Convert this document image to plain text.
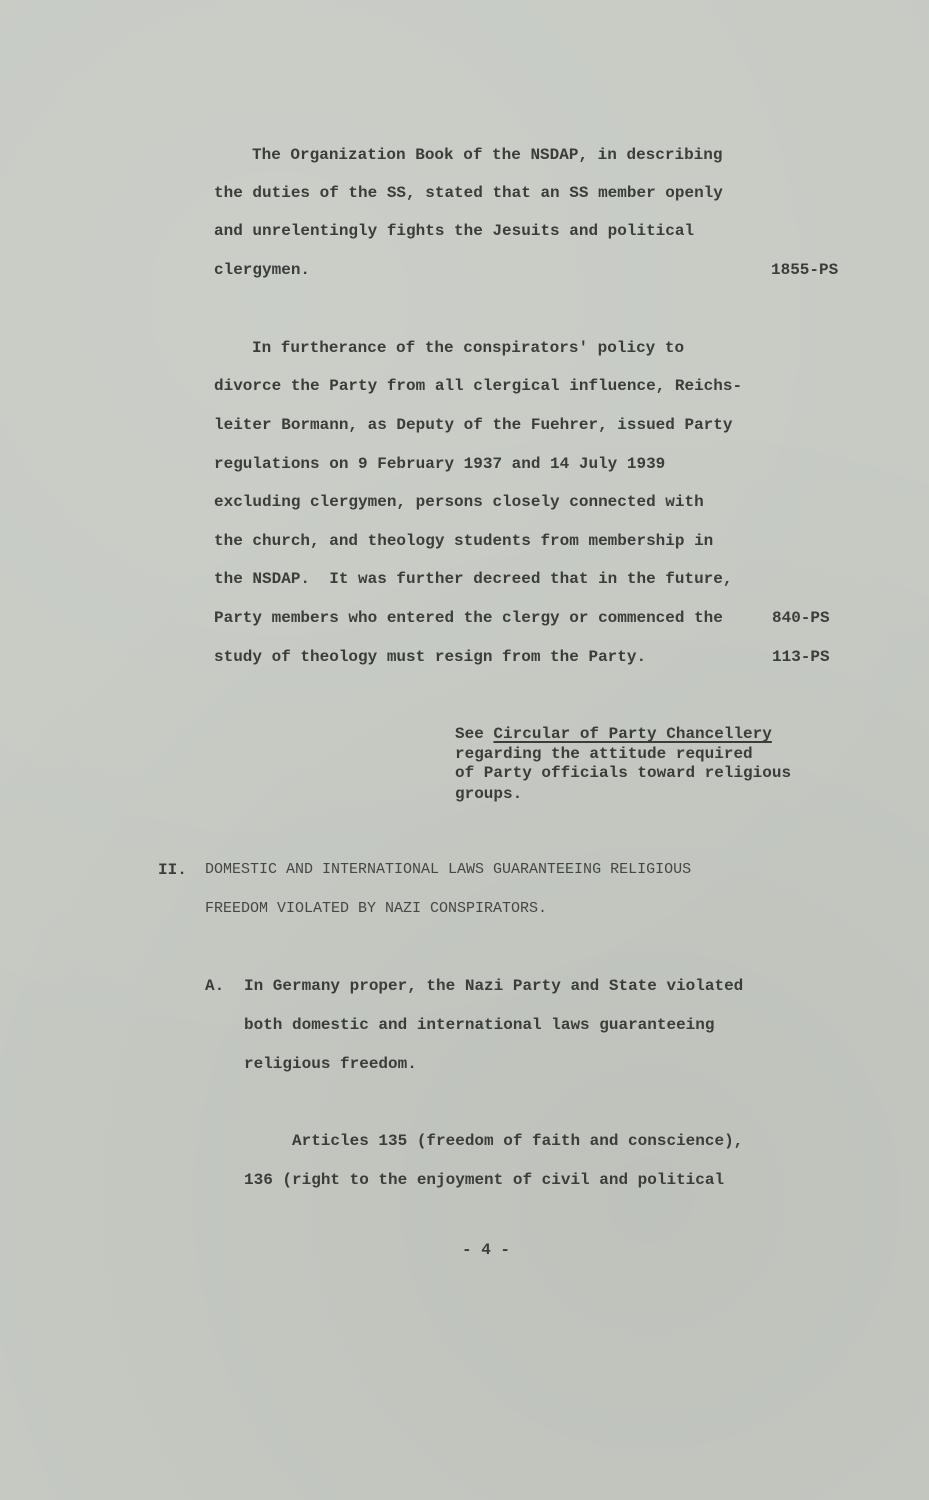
The Organization Book of the NSDAP, in describing
the duties of the SS, stated that an SS member openly
and unrelentingly fights the Jesuits and political
clergymen.	1855-PS
In furtherance of the conspirators' policy to
divorce the Party from all clergical influence, Reichs-
leiter Bormann, as Deputy of the Fuehrer, issued Party
regulations on 9 February 1937 and 14 July 1939
excluding clergymen, persons closely connected with
the church, and theology students from membership in
the NSDAP.  It was further decreed that in the future,
Party members who entered the clergy or commenced the
study of theology must resign from the Party.
840-PS
113-PS
See Circular of Party Chancellery
regarding the attitude required
of Party officials toward religious
groups.
II. DOMESTIC AND INTERNATIONAL LAWS GUARANTEEING RELIGIOUS
FREEDOM VIOLATED BY NAZI CONSPIRATORS.
A. In Germany proper, the Nazi Party and State violated
both domestic and international laws guaranteeing
religious freedom.
Articles 135 (freedom of faith and conscience),
136 (right to the enjoyment of civil and political
- 4 -
